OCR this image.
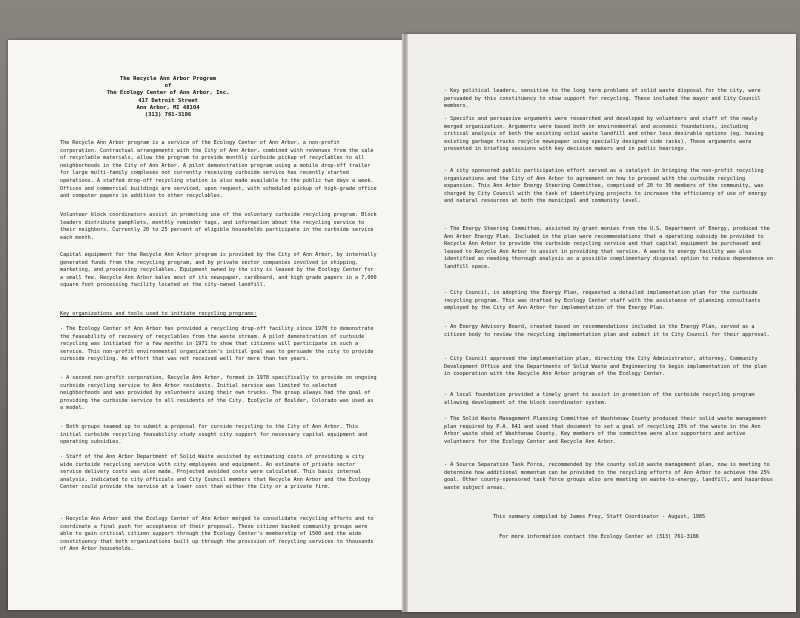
The Recycle Ann Arbor Program

of

The Ecology Center of Ann Arbor, Inc.

417 Detroit Street

Ann Arbor, MI 48104

(313) 761-3186

The Recycle Ann Arbor program is a service of the Ecology Center of Ann Arbor, a non-profit corporation. Contractual arrangements with the City of Ann Arbor, combined with revenues from the sale of recyclable materials, allow the program to provide monthly curbside pickup of recyclables to all neighborhoods in the City of Ann Arbor. A pilot demonstration program using a mobile drop-off trailer for large multi-family complexes not currently receiving curbside service has recently started operations. A staffed drop-off recycling station is also made available to the public two days a week. Offices and commercial buildings are serviced, upon request, with scheduled pickup of high-grade office and computer papers in addition to other recyclables.

Volunteer block coordinators assist in promoting use of the voluntary curbside recycling program. Block leaders distribute pamphlets, monthly reminder tags, and information about the recycling service to their neighbors. Currently 20 to 25 percent of eligible households participate in the curbside service each month.

Capital equipment for the Recycle Ann Arbor program is provided by the City of Ann Arbor, by internally generated funds from the recycling program, and by private sector companies involved in shipping, marketing, and processing recyclables. Equipment owned by the city is leased by the Ecology Center for a small fee. Recycle Ann Arbor bales most of its newspaper, cardboard, and high grade papers in a 7,000 square foot processing facility located at the city-owned landfill.

Key organizations and tools used to initiate recycling programs:

- The Ecology Center of Ann Arbor has provided a recycling drop-off facility since 1970 to demonstrate the feasability of recovery of recyclables from the waste stream. A pilot demonstration of curbside recycling was initiated for a few months in 1971 to show that citizens will participate in such a service. This non-profit environmental organization's initial goal was to persuade the city to provide curbside recycling. An effort that was not received well for more than ten years.

- A second non-profit corporation, Recycle Ann Arbor, formed in 1978 specifically to provide on ongoing curbside recycling service to Ann Arbor residents. Initial service was limited to selected neighborhoods and was provided by volunteers using their own trucks. The group always had the goal of providing the curbside service to all residents of the City. EcoCycle of Boulder, Colorado was used as a model.

- Both groups teamed up to submit a proposal for curside recycling to the City of Ann Arbor. This initial curbside recycling feasability study sought city support for necessary capital equipment and operating subsidies.

- Staff of the Ann Arbor Department of Solid Waste assisted by estimating costs of providing a city wide curbside recycling service with city employees and equipment. An estimate of private sector service delivery costs was also made. Projected avoided costs were calculated. This basic internal analysis, indicated to city officials and City Council members that Recycle Ann Arbor and the Ecology Center could provide the service at a lower cost than either the City or a private firm.

- Recycle Ann Arbor and the Ecology Center of Ann Arbor merged to consolidate recycling efforts and to coordinate a final push for acceptance of their proposal. These citizen backed community groups were able to gain critical citizen support through the Ecology Center's membership of 1500 and the wide constituency that both organizations built up through the provision of recycling services to thousands of Ann Arbor households.

- Key political leaders, sensitive to the long term problems of solid waste disposal for the city, were persuaded by this constituency to show support for recycling. These included the mayor and City Council members.

- Specific and persuasive arguments were researched and developed by volunteers and staff of the newly merged organization. Arguments were based both on environmental and economic foundations, including critical analysis of both the existing solid waste landfill and other less desirable options (eg. having existing garbage trucks recycle newspaper using specially designed side racks). These arguments were presented in briefing sessions with key decision makers and in public hearings.

- A city sponsored public participation effort served as a catalyst in bringing the non-profit recycling organizations and the City of Ann Arbor to agreement on how to proceed with the curbside recycling expansion. This Ann Arbor Energy Steering Committee, comprised of 20 to 30 members of the community, was charged by City Council with the task of identifying projects to increase the efficiency of use of energy and natural resources at both the municipal and community level.

- The Energy Steering Committee, assisted by grant monies from the U.S. Department of Energy, produced the Ann Arbor Energy Plan. Included in the plan were recommendations that a operating subsidy be provided to Recycle Ann Arbor to provide the curbside recycling service and that capital equipment be purchased and leased to Recycle Ann Arbor to assist in providing that service. A waste to energy facility was also identified as needing thorough analysis as a possible complimentary disposal option to reduce dependence on landfill space.

- City Council, in adopting the Energy Plan, requested a detailed implementation plan for the curbside recycling program. This was drafted by Ecology Center staff with the assistance of planning consultants employed by the City of Ann Arbor for implementation of the Energy Plan.

- An Energy Advisory Board, created based on recommendations included in the Energy Plan, served as a citizen body to review the recycling implementation plan and submit it to City Council for their approval.

- City Council approved the implementation plan, directing the City Administrator, attorney, Community Development Office and the Departments of Solid Waste and Engineering to begin implementation of the plan in cooperation with the Recycle Ann Arbor program of the Ecology Center.

- A local foundation provided a timely grant to assist in promotion of the curbside recycling program allowing development of the block coordinator system.

- The Solid Waste Management Planning Committee of Washtenaw County produced their solid waste management plan required by P.A. 641 and used that document to set a goal of recycling 25% of the waste in the Ann Arbor waste shed of Washtenaw County. Key members of the committee were also supporters and active volunteers for the Ecology Center and Recycle Ann Arbor.

- A Source Separation Task Force, recommended by the county solid waste management plan, now is meeting to determine how additional momentum can be provided to the recycling efforts of Ann Arbor to achieve the 25% goal. Other county-sponsored task force groups also are meeting on waste-to-energy, landfill, and hazardous waste subject areas.

This summary compiled by James Frey, Staff Coordinator - August, 1985

For more information contact the Ecology Center at (313) 761-3186
